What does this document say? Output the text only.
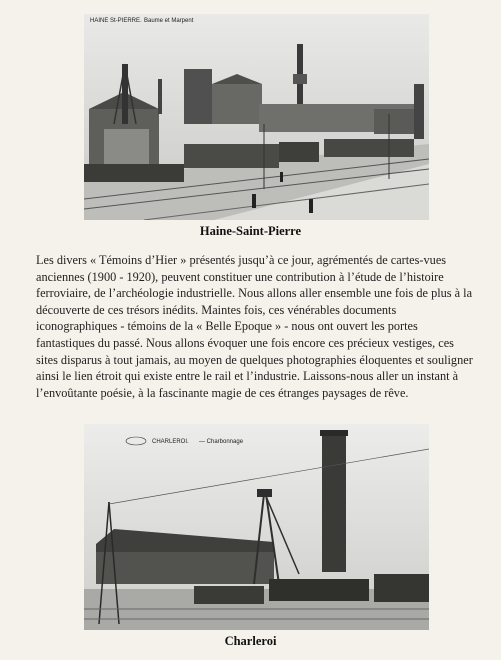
HAINE St-PIERRE. Baume et Marpent
Haine-Saint-Pierre

Les divers « Témoins d’Hier » présentés jusqu’à ce jour, agrémentés de cartes-vues anciennes (1900 - 1920), peuvent constituer une contribution à l’étude de l’histoire ferroviaire, de l’archéologie industrielle. Nous allons aller ensemble une fois de plus à la découverte de ces trésors inédits. Maintes fois, ces vénérables documents iconographiques - témoins de la « Belle Epoque » - nous ont ouvert les portes fantastiques du passé. Nous allons évoquer une fois encore ces précieux vestiges, ces sites disparus à tout jamais, au moyen de quelques photographies éloquentes et souligner ainsi le lien étroit qui existe entre le rail et l’industrie. Laissons-nous aller un instant à l’envoûtante poésie, à la fascinante magie de ces étranges paysages de rêve.

CHARLEROI. — Charbonnage
Charleroi
